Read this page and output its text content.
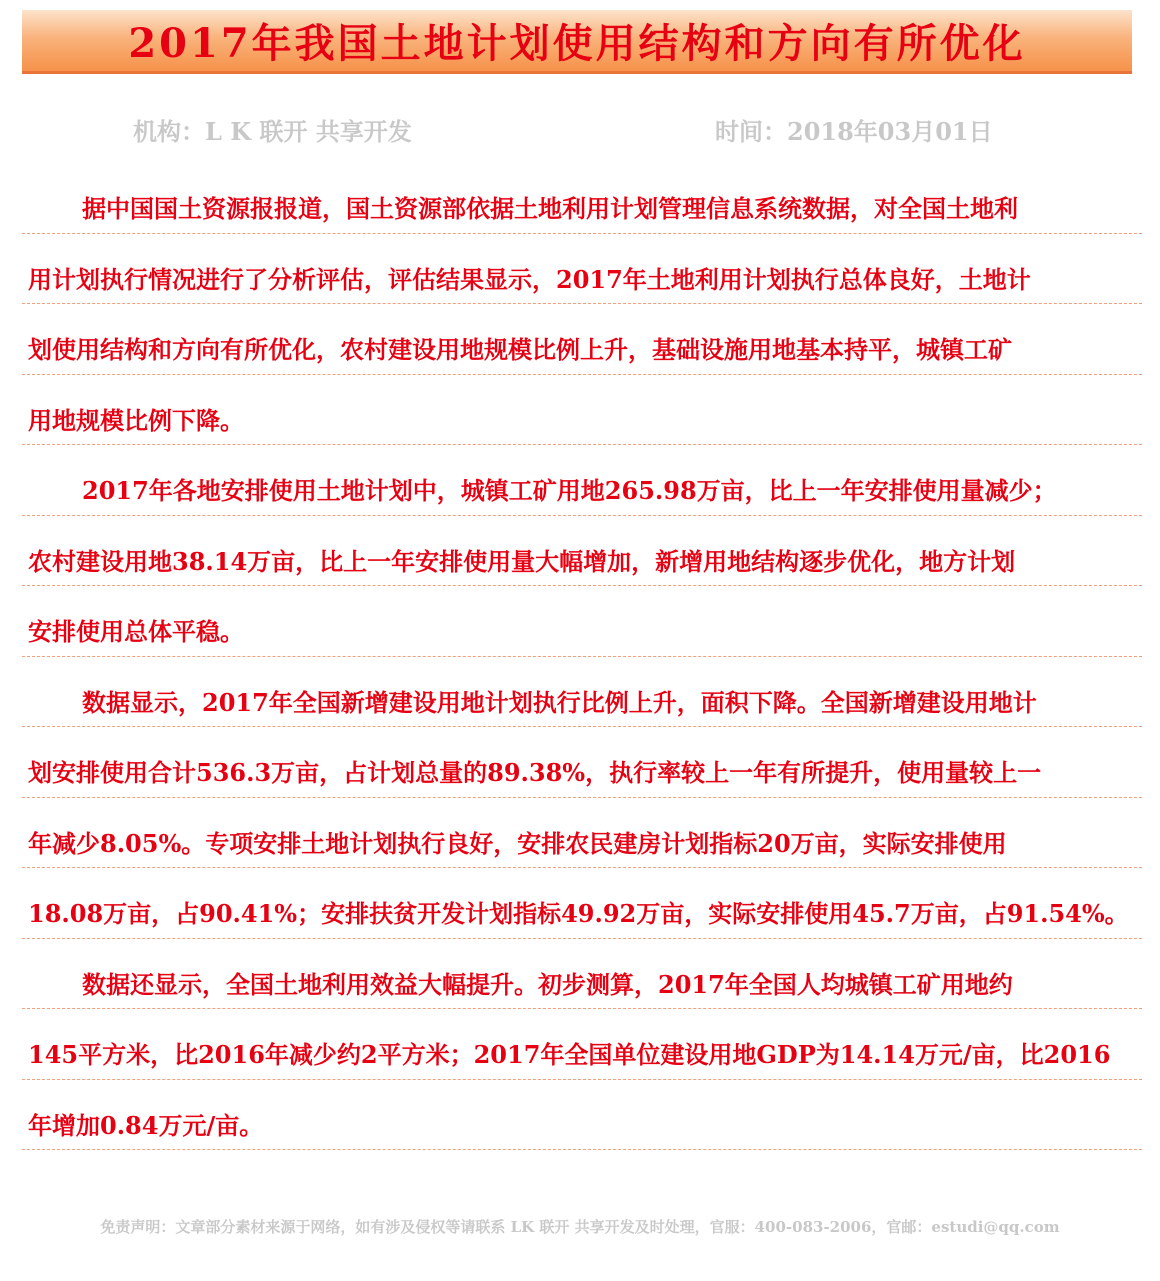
2017年我国土地计划使用结构和方向有所优化
机构：L K 联开 共享开发	时间：2018年03月01日
据中国国土资源报报道，国土资源部依据土地利用计划管理信息系统数据，对全国土地利
用计划执行情况进行了分析评估，评估结果显示，2017年土地利用计划执行总体良好，土地计
划使用结构和方向有所优化，农村建设用地规模比例上升，基础设施用地基本持平，城镇工矿
用地规模比例下降。
2017年各地安排使用土地计划中，城镇工矿用地265.98万亩，比上一年安排使用量减少；
农村建设用地38.14万亩，比上一年安排使用量大幅增加，新增用地结构逐步优化，地方计划
安排使用总体平稳。
数据显示，2017年全国新增建设用地计划执行比例上升，面积下降。全国新增建设用地计
划安排使用合计536.3万亩，占计划总量的89.38%，执行率较上一年有所提升，使用量较上一
年减少8.05%。专项安排土地计划执行良好，安排农民建房计划指标20万亩，实际安排使用
18.08万亩，占90.41%；安排扶贫开发计划指标49.92万亩，实际安排使用45.7万亩，占91.54%。
数据还显示，全国土地利用效益大幅提升。初步测算，2017年全国人均城镇工矿用地约
145平方米，比2016年减少约2平方米；2017年全国单位建设用地GDP为14.14万元/亩，比2016
年增加0.84万元/亩。
免责声明：文章部分素材来源于网络，如有涉及侵权等请联系 LK 联开 共享开发及时处理，官服：400-083-2006，官邮：estudi@qq.com
